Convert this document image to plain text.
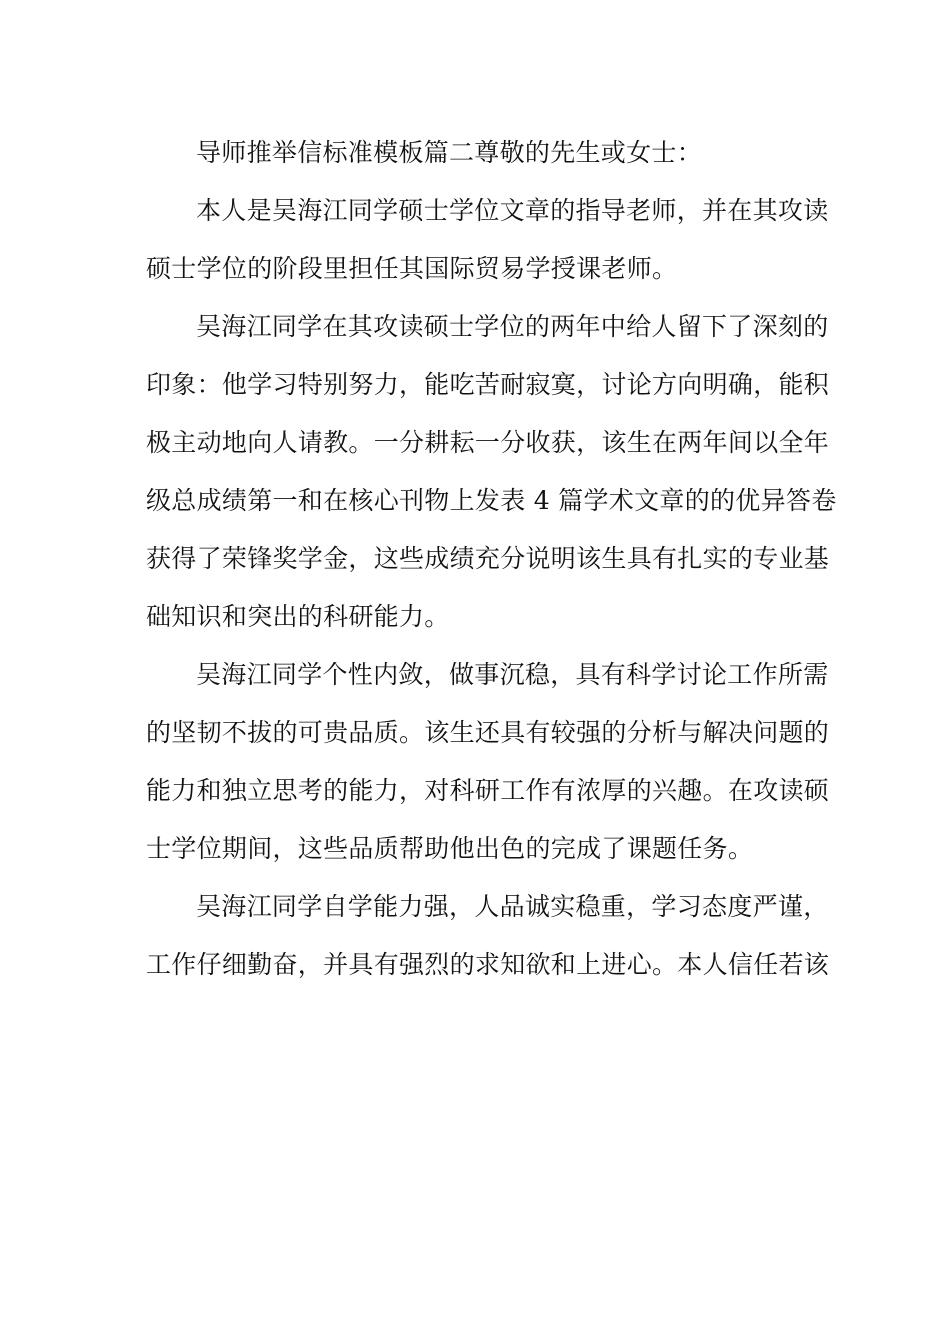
导师推举信标准模板篇二尊敬的先生或女士：
本人是吴海江同学硕士学位文章的指导老师，并在其攻读
硕士学位的阶段里担任其国际贸易学授课老师。
吴海江同学在其攻读硕士学位的两年中给人留下了深刻的
印象：他学习特别努力，能吃苦耐寂寞，讨论方向明确，能积
极主动地向人请教。一分耕耘一分收获，该生在两年间以全年
级总成绩第一和在核心刊物上发表 4 篇学术文章的的优异答卷
获得了荣锋奖学金，这些成绩充分说明该生具有扎实的专业基
础知识和突出的科研能力。
吴海江同学个性内敛，做事沉稳，具有科学讨论工作所需
的坚韧不拔的可贵品质。该生还具有较强的分析与解决问题的
能力和独立思考的能力，对科研工作有浓厚的兴趣。在攻读硕
士学位期间，这些品质帮助他出色的完成了课题任务。
吴海江同学自学能力强，人品诚实稳重，学习态度严谨，
工作仔细勤奋，并具有强烈的求知欲和上进心。本人信任若该
